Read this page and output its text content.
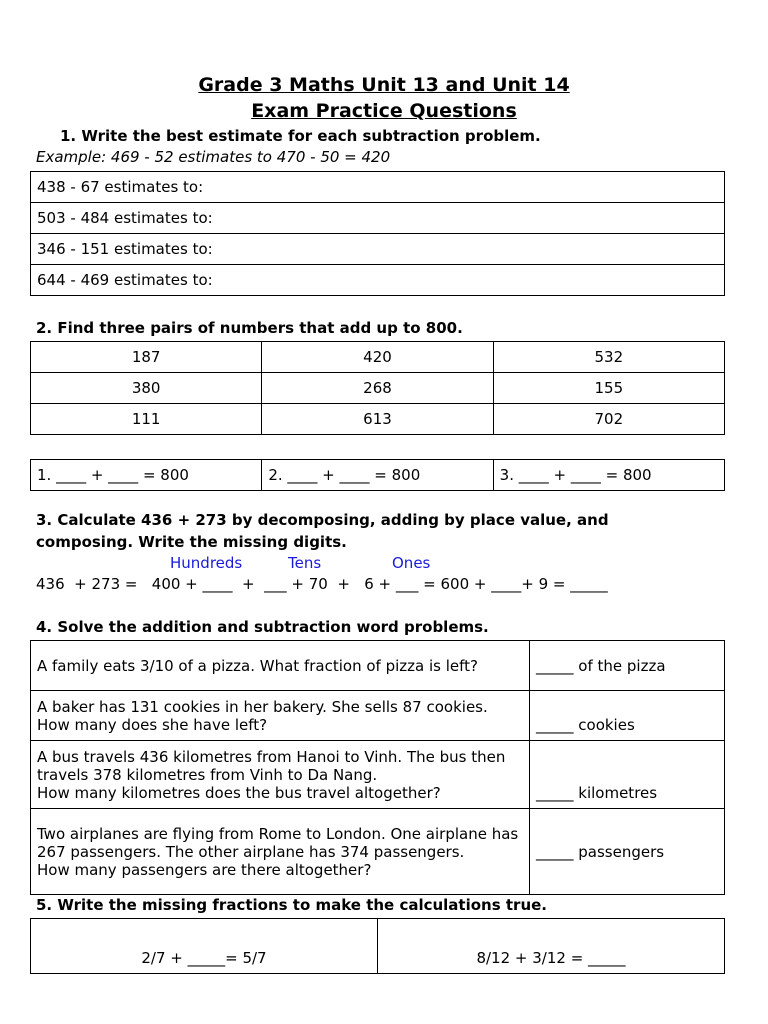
Grade 3 Maths Unit 13 and Unit 14
Exam Practice Questions
1. Write the best estimate for each subtraction problem.
Example: 469 - 52 estimates to 470 - 50 = 420
438 - 67 estimates to:
503 - 484 estimates to:
346 - 151 estimates to:
644 - 469 estimates to:
2. Find three pairs of numbers that add up to 800.
187	420	532
380	268	155
111	613	702
1. ____ + ____ = 800	2. ____ + ____ = 800	3. ____ + ____ = 800
3. Calculate 436 + 273 by decomposing, adding by place value, and
composing. Write the missing digits.
Hundreds	Tens	Ones
436  + 273 =   400 + ____  +  ___ + 70  +   6 + ___ = 600 + ____+ 9 = _____
4. Solve the addition and subtraction word problems.
A family eats 3/10 of a pizza. What fraction of pizza is left?	_____ of the pizza
A baker has 131 cookies in her bakery. She sells 87 cookies. How many does she have left?	_____ cookies
A bus travels 436 kilometres from Hanoi to Vinh. The bus then travels 378 kilometres from Vinh to Da Nang.
How many kilometres does the bus travel altogether?	_____ kilometres
Two airplanes are flying from Rome to London. One airplane has 267 passengers. The other airplane has 374 passengers.
How many passengers are there altogether?	_____ passengers
5. Write the missing fractions to make the calculations true.
2/7 + _____= 5/7	8/12 + 3/12 = _____
